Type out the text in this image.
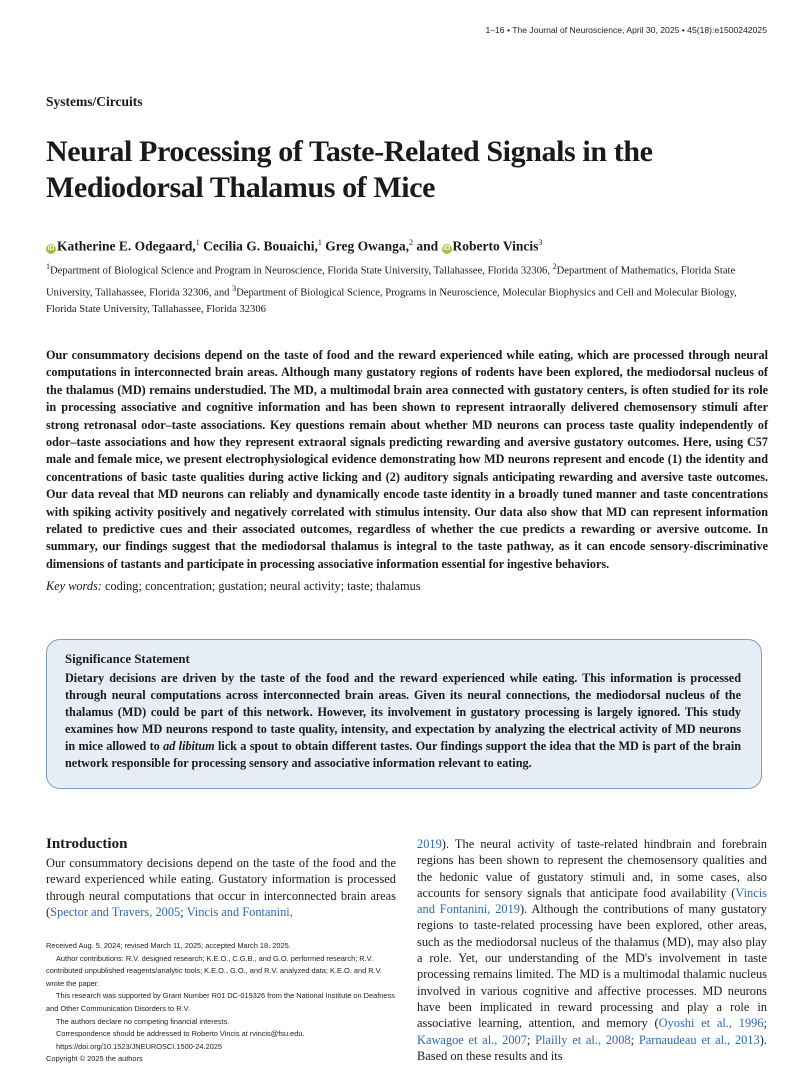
1–16 • The Journal of Neuroscience, April 30, 2025 • 45(18):e1500242025
Systems/Circuits
Neural Processing of Taste-Related Signals in the Mediodorsal Thalamus of Mice
iD Katherine E. Odegaard,$^1$ Cecilia G. Bouaichi,$^1$ Greg Owanga,$^2$ and iD Roberto Vincis$^3$
$^1$Department of Biological Science and Program in Neuroscience, Florida State University, Tallahassee, Florida 32306, $^2$Department of Mathematics, Florida State University, Tallahassee, Florida 32306, and $^3$Department of Biological Science, Programs in Neuroscience, Molecular Biophysics and Cell and Molecular Biology, Florida State University, Tallahassee, Florida 32306

Our consummatory decisions depend on the taste of food and the reward experienced while eating, which are processed through neural computations in interconnected brain areas. Although many gustatory regions of rodents have been explored, the mediodorsal nucleus of the thalamus (MD) remains understudied. The MD, a multimodal brain area connected with gustatory centers, is often studied for its role in processing associative and cognitive information and has been shown to represent intraorally delivered chemosensory stimuli after strong retronasal odor–taste associations. Key questions remain about whether MD neurons can process taste quality independently of odor–taste associations and how they represent extraoral signals predicting rewarding and aversive gustatory outcomes. Here, using C57 male and female mice, we present electrophysiological evidence demonstrating how MD neurons represent and encode (1) the identity and concentrations of basic taste qualities during active licking and (2) auditory signals anticipating rewarding and aversive taste outcomes. Our data reveal that MD neurons can reliably and dynamically encode taste identity in a broadly tuned manner and taste concentrations with spiking activity positively and negatively correlated with stimulus intensity. Our data also show that MD can represent information related to predictive cues and their associated outcomes, regardless of whether the cue predicts a rewarding or aversive outcome. In summary, our findings suggest that the mediodorsal thalamus is integral to the taste pathway, as it can encode sensory-discriminative dimensions of tastants and participate in processing associative information essential for ingestive behaviors.

Key words: coding; concentration; gustation; neural activity; taste; thalamus
Significance Statement

Dietary decisions are driven by the taste of the food and the reward experienced while eating. This information is processed through neural computations across interconnected brain areas. Given its neural connections, the mediodorsal nucleus of the thalamus (MD) could be part of this network. However, its involvement in gustatory processing is largely ignored. This study examines how MD neurons respond to taste quality, intensity, and expectation by analyzing the electrical activity of MD neurons in mice allowed to ad libitum lick a spout to obtain different tastes. Our findings support the idea that the MD is part of the brain network responsible for processing sensory and associative information relevant to eating.

Introduction

Our consummatory decisions depend on the taste of the food and the reward experienced while eating. Gustatory information is processed through neural computations that occur in interconnected brain areas (Spector and Travers, 2005; Vincis and Fontanini,

Received Aug. 5, 2024; revised March 11, 2025; accepted March 18, 2025.
Author contributions: R.V. designed research; K.E.O., C.G.B., and G.O. performed research; R.V. contributed unpublished reagents/analytic tools; K.E.O., G.O., and R.V. analyzed data; K.E.O. and R.V. wrote the paper.
This research was supported by Grant Number R01 DC-019326 from the National Institute on Deafness and Other Communication Disorders to R.V.
The authors declare no competing financial interests.
Correspondence should be addressed to Roberto Vincis at rvincis@fsu.edu.
https://doi.org/10.1523/JNEUROSCI.1500-24.2025
Copyright © 2025 the authors

2019). The neural activity of taste-related hindbrain and forebrain regions has been shown to represent the chemosensory qualities and the hedonic value of gustatory stimuli and, in some cases, also accounts for sensory signals that anticipate food availability (Vincis and Fontanini, 2019). Although the contributions of many gustatory regions to taste-related processing have been explored, other areas, such as the mediodorsal nucleus of the thalamus (MD), may also play a role. Yet, our understanding of the MD's involvement in taste processing remains limited. The MD is a multimodal thalamic nucleus involved in various cognitive and affective processes. MD neurons have been implicated in reward processing and play a role in associative learning, attention, and memory (Oyoshi et al., 1996; Kawagoe et al., 2007; Plailly et al., 2008; Parnaudeau et al., 2013). Based on these results and its
